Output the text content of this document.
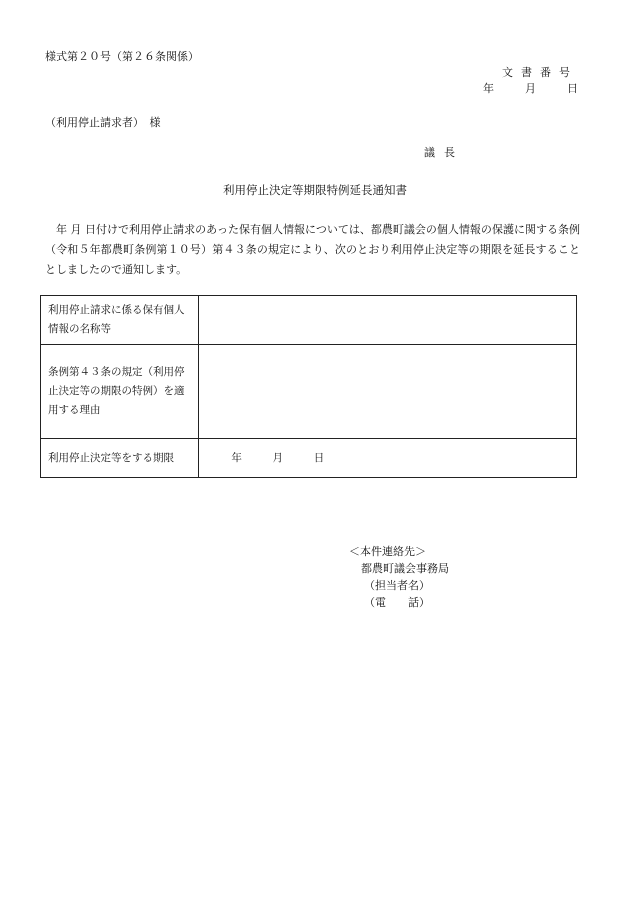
様式第２０号（第２６条関係）
文書番号
年	月	日
（利用停止請求者）　様
議長
利用停止決定等期限特例延長通知書
年 月 日付けで利用停止請求のあった保有個人情報については、都農町議会の個人情報の保護に関する条例（令和５年都農町条例第１０号）第４３条の規定により、次のとおり利用停止決定等の期限を延長することとしましたので通知します。
利用停止請求に係る保有個人情報の名称等	
条例第４３条の規定（利用停止決定等の期限の特例）を適用する理由	
利用停止決定等をする期限	年 月 日
＜本件連絡先＞
都農町議会事務局
（担当者名）
（電　　話）
